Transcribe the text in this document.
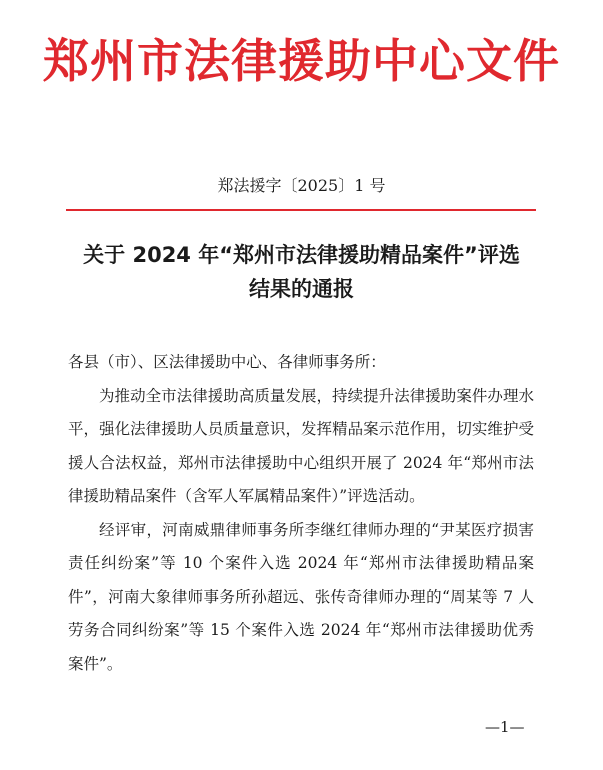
郑州市法律援助中心文件
郑法援字〔2025〕1 号
关于 2024 年“郑州市法律援助精品案件”评选
结果的通报

各县（市）、区法律援助中心、各律师事务所：

为推动全市法律援助高质量发展，持续提升法律援助案件办理水平，强化法律援助人员质量意识，发挥精品案示范作用，切实维护受援人合法权益，郑州市法律援助中心组织开展了 2024 年“郑州市法律援助精品案件（含军人军属精品案件）”评选活动。

经评审，河南威鼎律师事务所李继红律师办理的“尹某医疗损害责任纠纷案”等 10 个案件入选 2024 年“郑州市法律援助精品案件”，河南大象律师事务所孙超远、张传奇律师办理的“周某等 7 人劳务合同纠纷案”等 15 个案件入选 2024 年“郑州市法律援助优秀案件”。

—1—
